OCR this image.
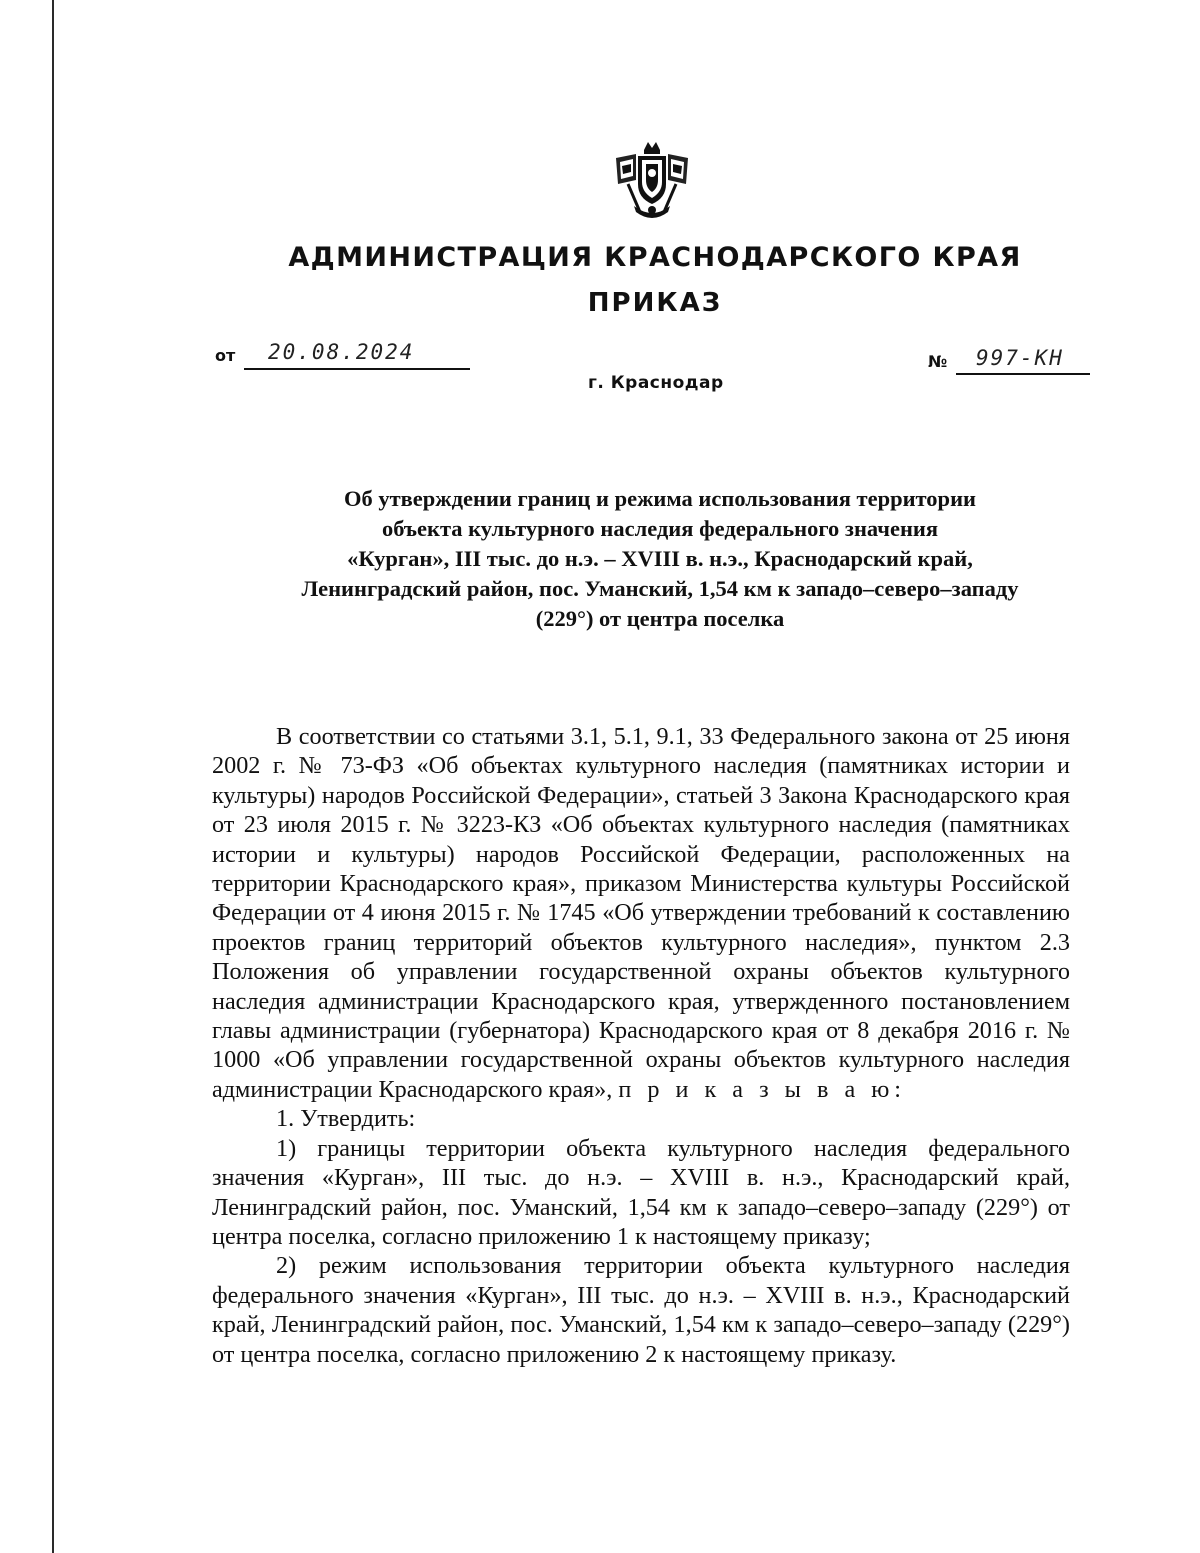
АДМИНИСТРАЦИЯ КРАСНОДАРСКОГО КРАЯ
ПРИКАЗ
от 20.08.2024	№ 997-КН
г. Краснодар
Об утверждении границ и режима использования территории
объекта культурного наследия федерального значения
«Курган», III тыс. до н.э. – XVIII в. н.э., Краснодарский край,
Ленинградский район, пос. Уманский, 1,54 км к западо–северо–западу
(229°) от центра поселка

В соответствии со статьями 3.1, 5.1, 9.1, 33 Федерального закона от 25 июня 2002 г. № 73-ФЗ «Об объектах культурного наследия (памятниках истории и культуры) народов Российской Федерации», статьей 3 Закона Краснодарского края от 23 июля 2015 г. № 3223-КЗ «Об объектах культурного наследия (памятниках истории и культуры) народов Российской Федерации, расположенных на территории Краснодарского края», приказом Министерства культуры Российской Федерации от 4 июня 2015 г. № 1745 «Об утверждении требований к составлению проектов границ территорий объектов культурного наследия», пунктом 2.3 Положения об управлении государственной охраны объектов культурного наследия администрации Краснодарского края, утвержденного постановлением главы администрации (губернатора) Краснодарского края от 8 декабря 2016 г. № 1000 «Об управлении государственной охраны объектов культурного наследия администрации Краснодарского края», п р и к а з ы в а ю:

1. Утвердить:

1) границы территории объекта культурного наследия федерального значения «Курган», III тыс. до н.э. – XVIII в. н.э., Краснодарский край, Ленинградский район, пос. Уманский, 1,54 км к западо–северо–западу (229°) от центра поселка, согласно приложению 1 к настоящему приказу;

2) режим использования территории объекта культурного наследия федерального значения «Курган», III тыс. до н.э. – XVIII в. н.э., Краснодарский край, Ленинградский район, пос. Уманский, 1,54 км к западо–северо–западу (229°) от центра поселка, согласно приложению 2 к настоящему приказу.
